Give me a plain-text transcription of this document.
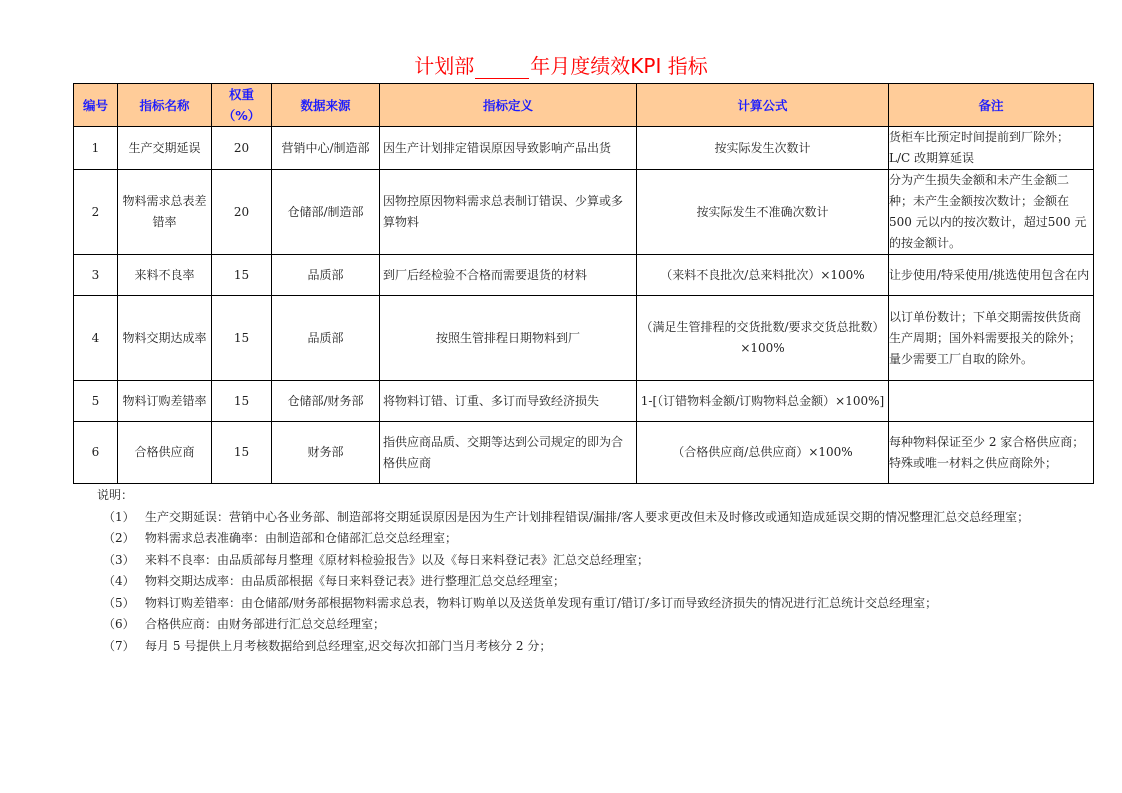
计划部	年月度绩效KPI 指标
编号	指标名称	权重（%）	数据来源	指标定义	计算公式	备注
1	生产交期延误	20	营销中心/制造部	因生产计划排定错误原因导致影响产品出货	按实际发生次数计	货柜车比预定时间提前到厂除外；L/C 改期算延误
2	物料需求总表差错率	20	仓储部/制造部	因物控原因物料需求总表制订错误、少算或多算物料	按实际发生不准确次数计	分为产生损失金额和未产生金额二种；未产生金额按次数计；金额在 500 元以内的按次数计，超过500 元的按金额计。
3	来料不良率	15	品质部	到厂后经检验不合格而需要退货的材料	（来料不良批次/总来料批次）×100%	让步使用/特采使用/挑选使用包含在内
4	物料交期达成率	15	品质部	按照生管排程日期物料到厂	（满足生管排程的交货批数/要求交货总批数）×100%	以订单份数计；下单交期需按供货商生产周期；国外料需要报关的除外；量少需要工厂自取的除外。
5	物料订购差错率	15	仓储部/财务部	将物料订错、订重、多订而导致经济损失	1-[（订错物料金额/订购物料总金额）×100%]	
6	合格供应商	15	财务部	指供应商品质、交期等达到公司规定的即为合格供应商	（合格供应商/总供应商）×100%	每种物料保证至少 2 家合格供应商；特殊或唯一材料之供应商除外；
说明：
（1） 生产交期延误：营销中心各业务部、制造部将交期延误原因是因为生产计划排程错误/漏排/客人要求更改但未及时修改或通知造成延误交期的情况整理汇总交总经理室；
（2） 物料需求总表准确率：由制造部和仓储部汇总交总经理室；
（3） 来料不良率：由品质部每月整理《原材料检验报告》以及《每日来料登记表》汇总交总经理室；
（4） 物料交期达成率：由品质部根据《每日来料登记表》进行整理汇总交总经理室；
（5） 物料订购差错率：由仓储部/财务部根据物料需求总表，物料订购单以及送货单发现有重订/错订/多订而导致经济损失的情况进行汇总统计交总经理室；
（6） 合格供应商：由财务部进行汇总交总经理室；
（7） 每月 5 号提供上月考核数据给到总经理室,迟交每次扣部门当月考核分 2 分；
